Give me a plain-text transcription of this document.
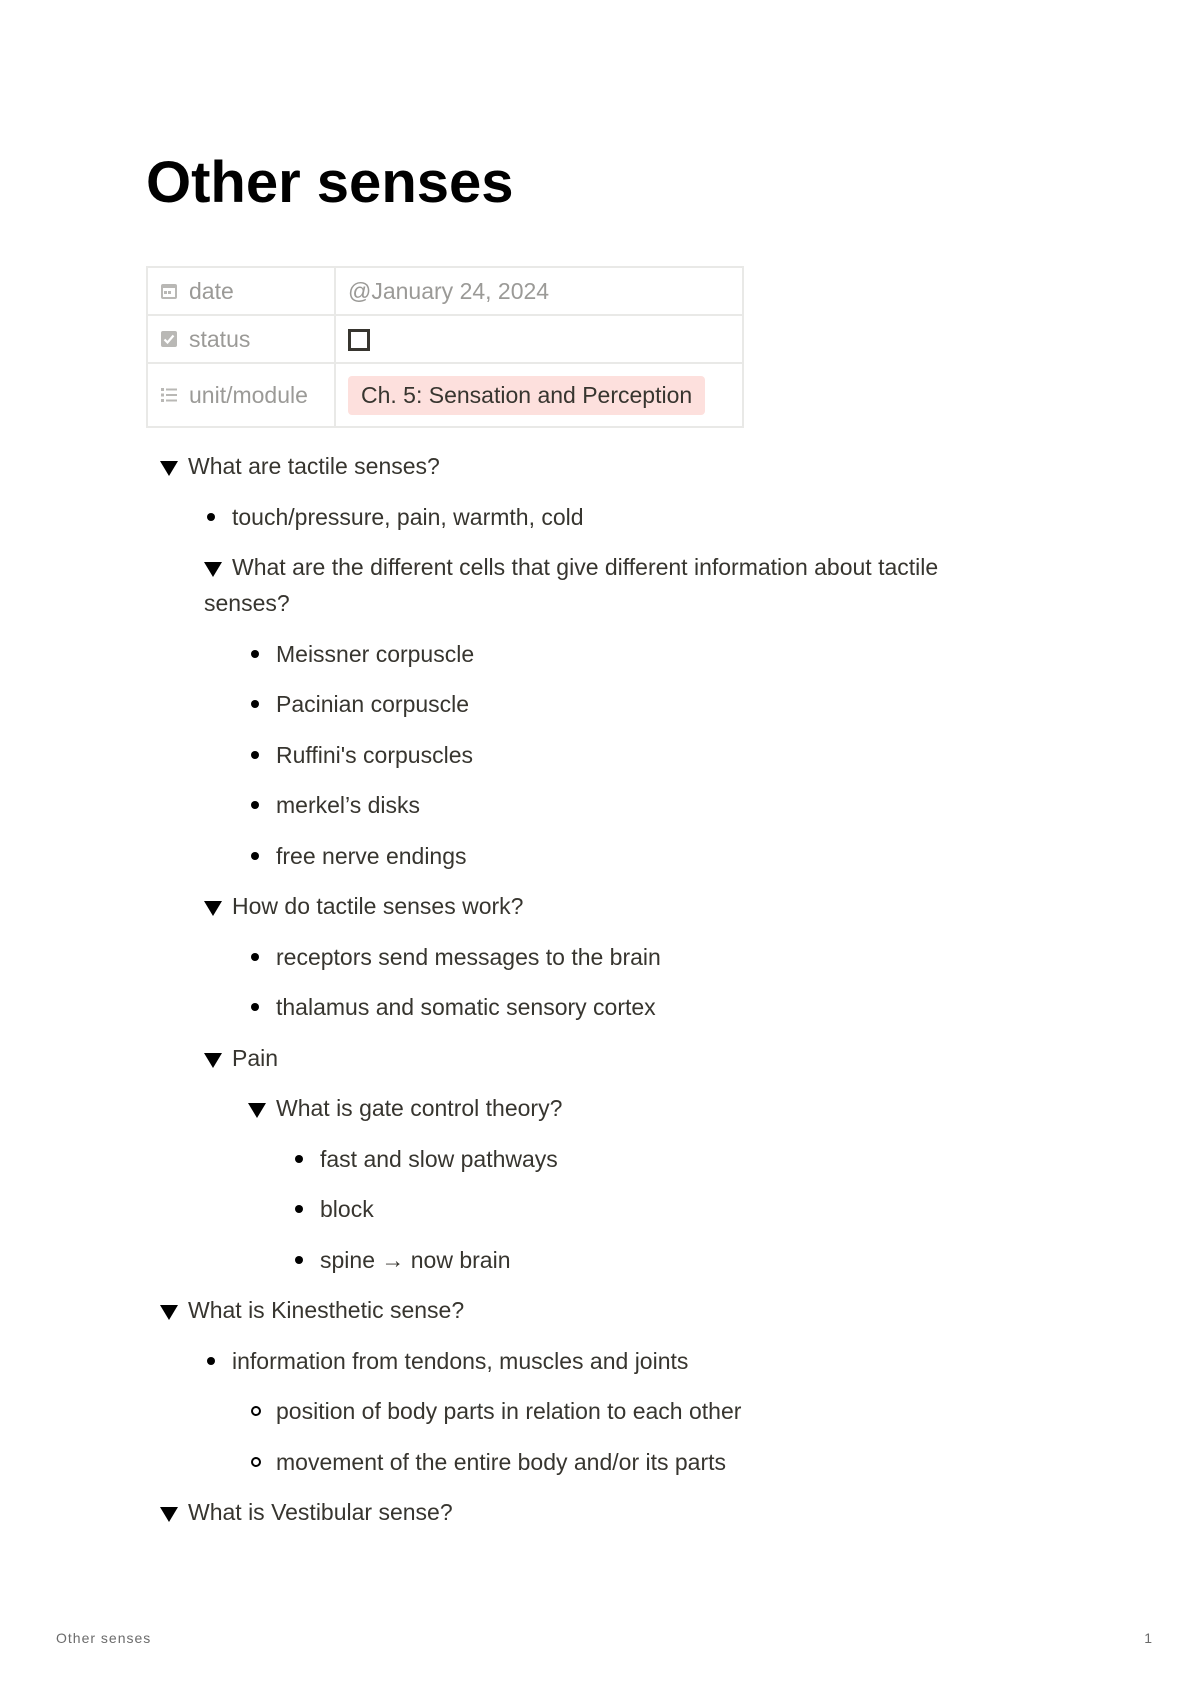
Other senses
date	@January 24, 2024

status	

unit/module	Ch. 5: Sensation and Perception
What are tactile senses?
touch/pressure, pain, warmth, cold
What are the different cells that give different information about tactile senses?
Meissner corpuscle
Pacinian corpuscle
Ruffini's corpuscles
merkel’s disks
free nerve endings
How do tactile senses work?
receptors send messages to the brain
thalamus and somatic sensory cortex
Pain
What is gate control theory?
fast and slow pathways
block
spine → now brain
What is Kinesthetic sense?
information from tendons, muscles and joints
position of body parts in relation to each other
movement of the entire body and/or its parts
What is Vestibular sense?
Other senses	1
